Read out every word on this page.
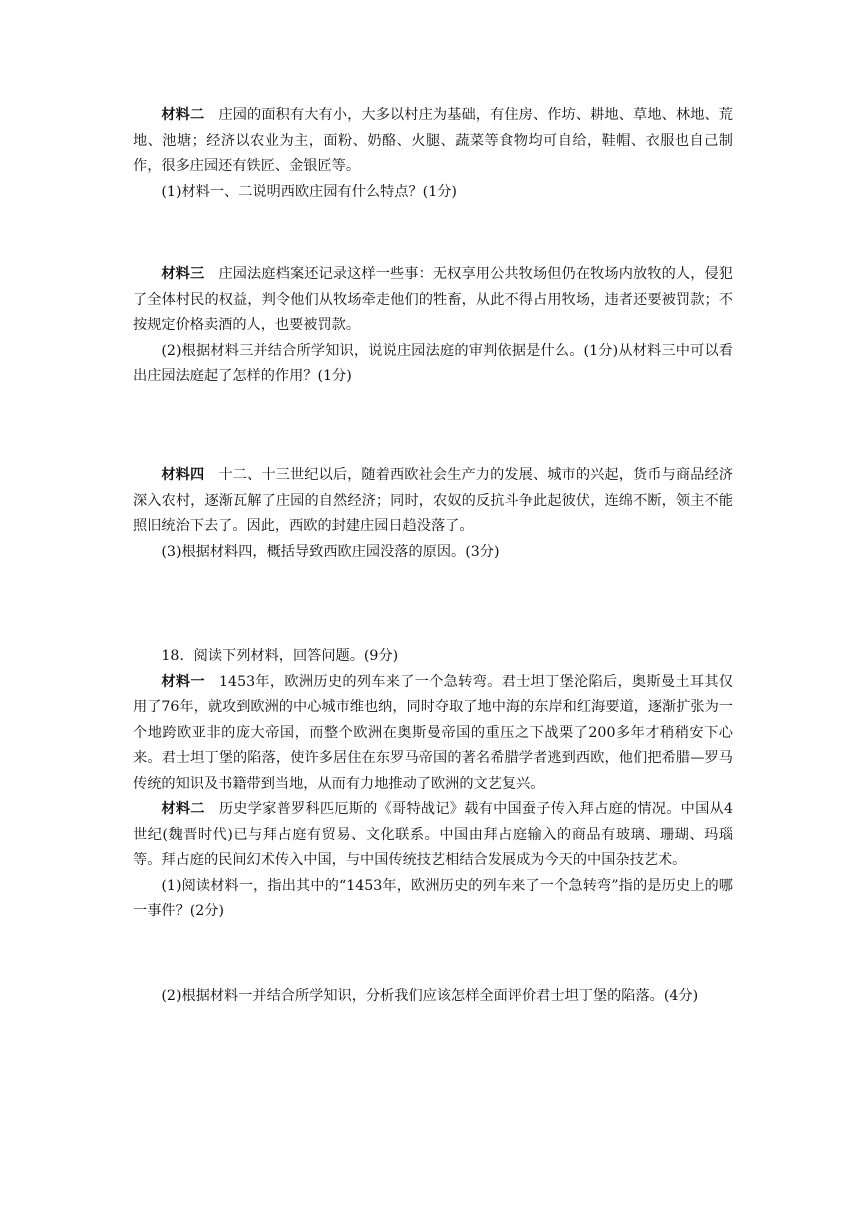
材料二 庄园的面积有大有小，大多以村庄为基础，有住房、作坊、耕地、草地、林地、荒地、池塘；经济以农业为主，面粉、奶酪、火腿、蔬菜等食物均可自给，鞋帽、衣服也自己制作，很多庄园还有铁匠、金银匠等。

(1)材料一、二说明西欧庄园有什么特点？(1分)

材料三 庄园法庭档案还记录这样一些事：无权享用公共牧场但仍在牧场内放牧的人，侵犯了全体村民的权益，判令他们从牧场牵走他们的牲畜，从此不得占用牧场，违者还要被罚款；不按规定价格卖酒的人，也要被罚款。

(2)根据材料三并结合所学知识，说说庄园法庭的审判依据是什么。(1分)从材料三中可以看出庄园法庭起了怎样的作用？(1分)

材料四 十二、十三世纪以后，随着西欧社会生产力的发展、城市的兴起，货币与商品经济深入农村，逐渐瓦解了庄园的自然经济；同时，农奴的反抗斗争此起彼伏，连绵不断，领主不能照旧统治下去了。因此，西欧的封建庄园日趋没落了。

(3)根据材料四，概括导致西欧庄园没落的原因。(3分)

18．阅读下列材料，回答问题。(9分)

材料一 1453年，欧洲历史的列车来了一个急转弯。君士坦丁堡沦陷后，奥斯曼土耳其仅用了76年，就攻到欧洲的中心城市维也纳，同时夺取了地中海的东岸和红海要道，逐渐扩张为一个地跨欧亚非的庞大帝国，而整个欧洲在奥斯曼帝国的重压之下战栗了200多年才稍稍安下心来。君士坦丁堡的陷落，使许多居住在东罗马帝国的著名希腊学者逃到西欧，他们把希腊—罗马传统的知识及书籍带到当地，从而有力地推动了欧洲的文艺复兴。

材料二 历史学家普罗科匹厄斯的《哥特战记》载有中国蚕子传入拜占庭的情况。中国从4世纪(魏晋时代)已与拜占庭有贸易、文化联系。中国由拜占庭输入的商品有玻璃、珊瑚、玛瑙等。拜占庭的民间幻术传入中国，与中国传统技艺相结合发展成为今天的中国杂技艺术。

(1)阅读材料一，指出其中的“1453年，欧洲历史的列车来了一个急转弯”指的是历史上的哪一事件？(2分)

(2)根据材料一并结合所学知识，分析我们应该怎样全面评价君士坦丁堡的陷落。(4分)
